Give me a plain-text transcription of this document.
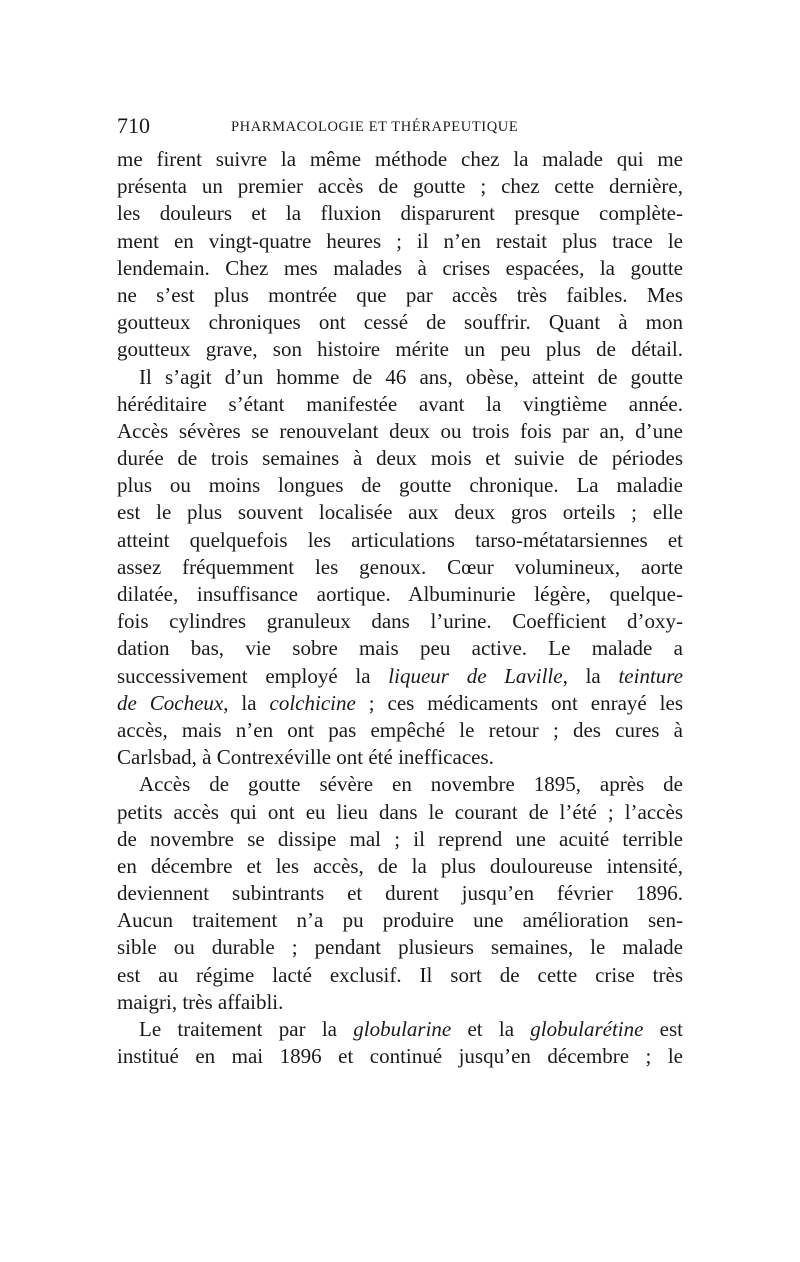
710	PHARMACOLOGIE ET THÉRAPEUTIQUE
me firent suivre la même méthode chez la malade qui me
présenta un premier accès de goutte ; chez cette dernière,
les douleurs et la fluxion disparurent presque complète-
ment en vingt-quatre heures ; il n’en restait plus trace le
lendemain. Chez mes malades à crises espacées, la goutte
ne s’est plus montrée que par accès très faibles. Mes
goutteux chroniques ont cessé de souffrir. Quant à mon
goutteux grave, son histoire mérite un peu plus de détail.
Il s’agit d’un homme de 46 ans, obèse, atteint de goutte
héréditaire s’étant manifestée avant la vingtième année.
Accès sévères se renouvelant deux ou trois fois par an, d’une
durée de trois semaines à deux mois et suivie de périodes
plus ou moins longues de goutte chronique. La maladie
est le plus souvent localisée aux deux gros orteils ; elle
atteint quelquefois les articulations tarso-métatarsiennes et
assez fréquemment les genoux. Cœur volumineux, aorte
dilatée, insuffisance aortique. Albuminurie légère, quelque-
fois cylindres granuleux dans l’urine. Coefficient d’oxy-
dation bas, vie sobre mais peu active. Le malade a
successivement employé la liqueur de Laville, la teinture
de Cocheux, la colchicine ; ces médicaments ont enrayé les
accès, mais n’en ont pas empêché le retour ; des cures à
Carlsbad, à Contrexéville ont été inefficaces.
Accès de goutte sévère en novembre 1895, après de
petits accès qui ont eu lieu dans le courant de l’été ; l’accès
de novembre se dissipe mal ; il reprend une acuité terrible
en décembre et les accès, de la plus douloureuse intensité,
deviennent subintrants et durent jusqu’en février 1896.
Aucun traitement n’a pu produire une amélioration sen-
sible ou durable ; pendant plusieurs semaines, le malade
est au régime lacté exclusif. Il sort de cette crise très
maigri, très affaibli.
Le traitement par la globularine et la globularétine est
institué en mai 1896 et continué jusqu’en décembre ; le
